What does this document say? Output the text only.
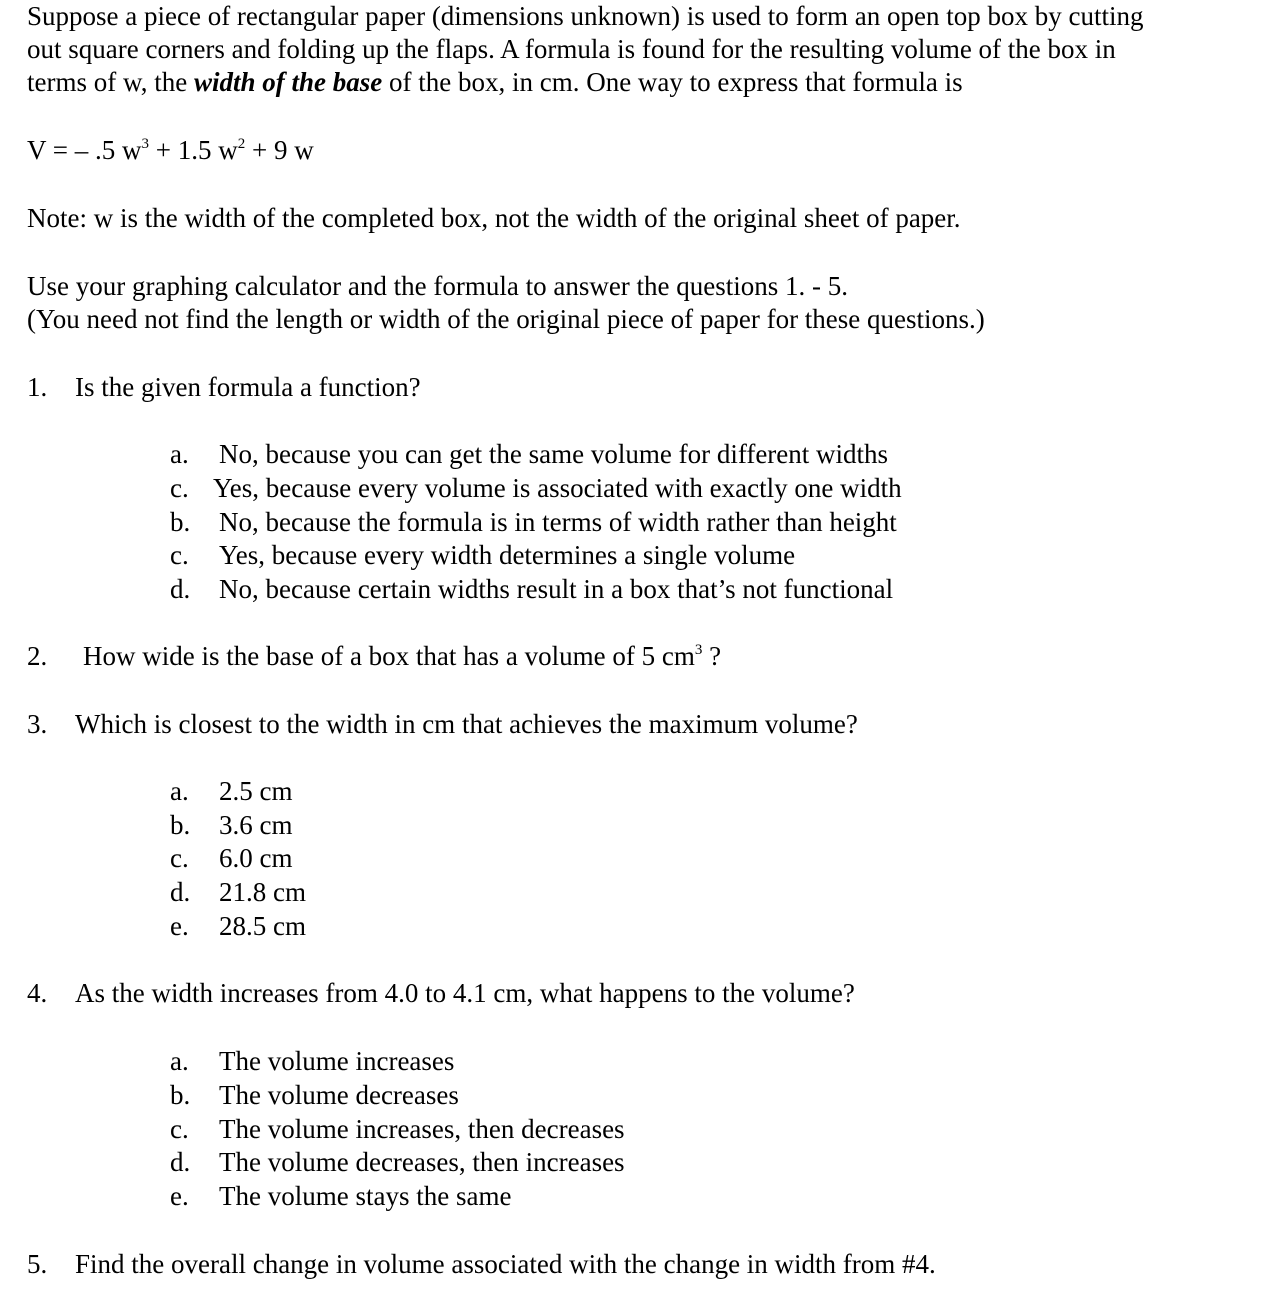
Suppose a piece of rectangular paper (dimensions unknown) is used to form an open top box by cutting
out square corners and folding up the flaps. A formula is found for the resulting volume of the box in
terms of w, the width of the base of the box, in cm. One way to express that formula is
V = – .5 $w^3 + 1.5$ $w^2 + 9$ w
Note: w is the width of the completed box, not the width of the original sheet of paper.
Use your graphing calculator and the formula to answer the questions 1. - 5.
(You need not find the length or width of the original piece of paper for these questions.)
1. Is the given formula a function?
a. No, because you can get the same volume for different widths
c. Yes, because every volume is associated with exactly one width
b. No, because the formula is in terms of width rather than height
c. Yes, because every width determines a single volume
d. No, because certain widths result in a box that’s not functional
2. How wide is the base of a box that has a volume of 5 $cm^3$ ?
3. Which is closest to the width in cm that achieves the maximum volume?
a. 2.5 cm
b. 3.6 cm
c. 6.0 cm
d. 21.8 cm
e. 28.5 cm
4. As the width increases from 4.0 to 4.1 cm, what happens to the volume?
a. The volume increases
b. The volume decreases
c. The volume increases, then decreases
d. The volume decreases, then increases
e. The volume stays the same
5. Find the overall change in volume associated with the change in width from #4.
